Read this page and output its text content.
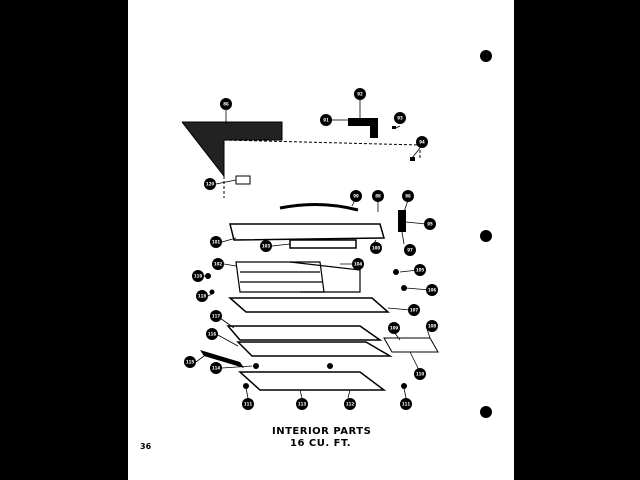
86
92
91	93
94
120
99	88	96
95
97
101
103	100
102	104
105
119
118
106
107
117
116
109	108
115
114
110
113	112
111	111
INTERIOR PARTS
16 CU. FT.
36
